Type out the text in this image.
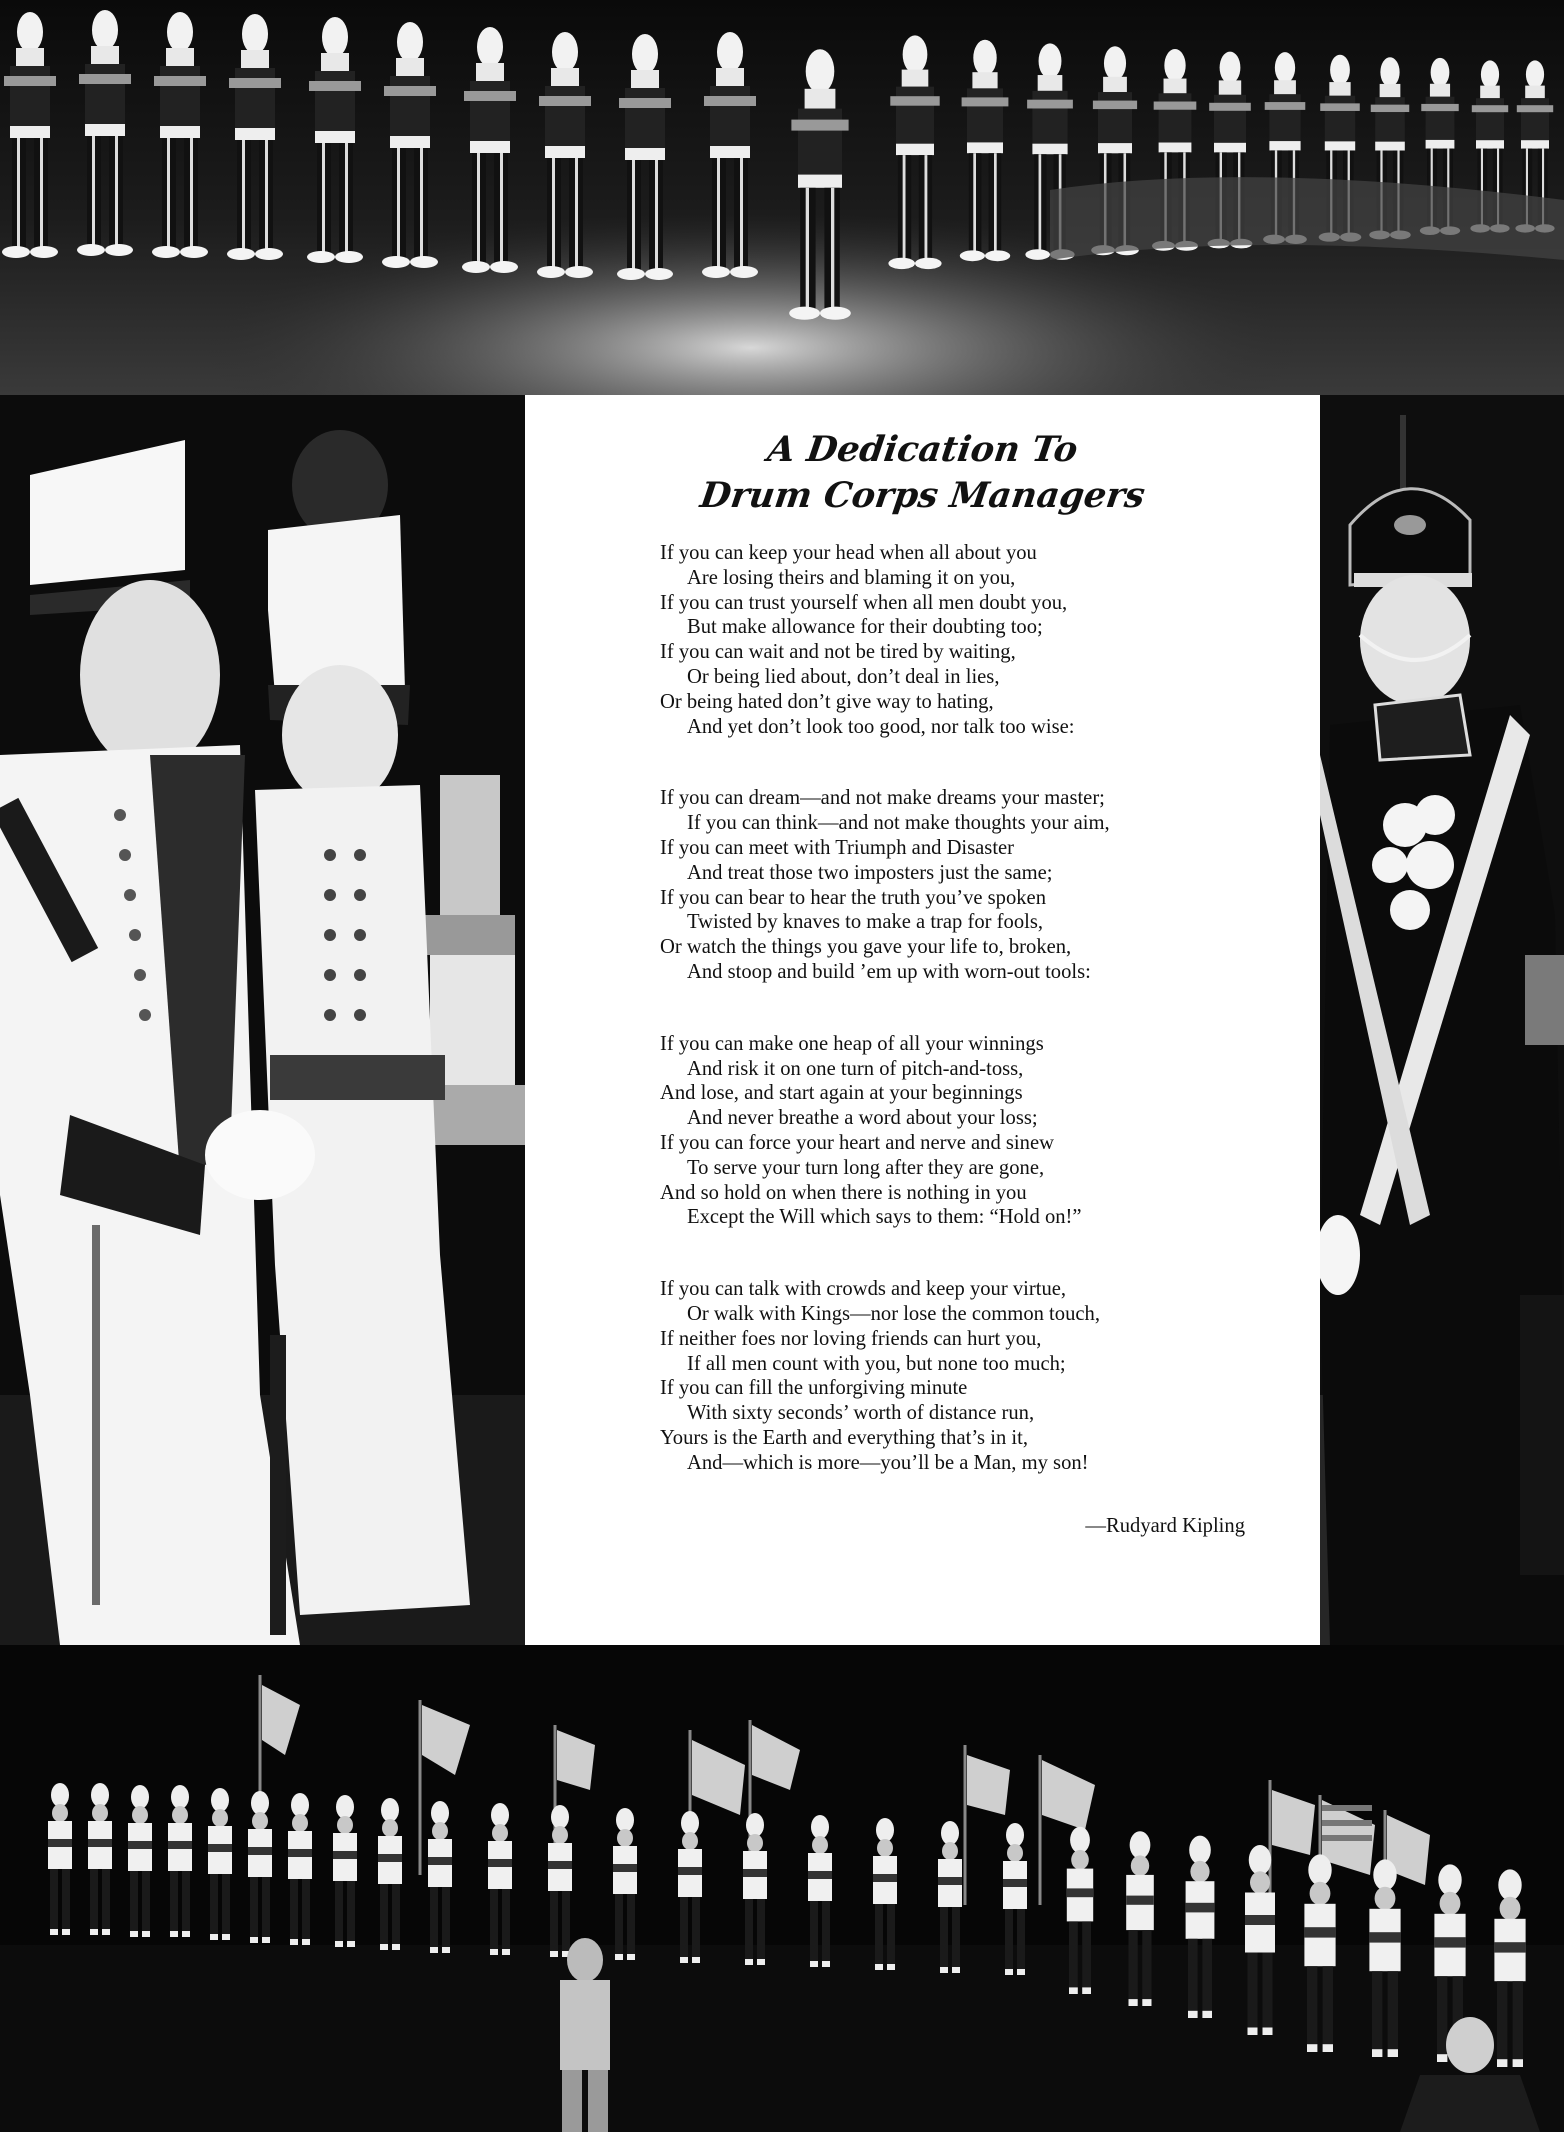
A Dedication To
Drum Corps Managers
If you can keep your head when all about you
Are losing theirs and blaming it on you,
If you can trust yourself when all men doubt you,
But make allowance for their doubting too;
If you can wait and not be tired by waiting,
Or being lied about, don’t deal in lies,
Or being hated don’t give way to hating,
And yet don’t look too good, nor talk too wise:
If you can dream—and not make dreams your master;
If you can think—and not make thoughts your aim,
If you can meet with Triumph and Disaster
And treat those two imposters just the same;
If you can bear to hear the truth you’ve spoken
Twisted by knaves to make a trap for fools,
Or watch the things you gave your life to, broken,
And stoop and build ’em up with worn-out tools:
If you can make one heap of all your winnings
And risk it on one turn of pitch-and-toss,
And lose, and start again at your beginnings
And never breathe a word about your loss;
If you can force your heart and nerve and sinew
To serve your turn long after they are gone,
And so hold on when there is nothing in you
Except the Will which says to them: “Hold on!”
If you can talk with crowds and keep your virtue,
Or walk with Kings—nor lose the common touch,
If neither foes nor loving friends can hurt you,
If all men count with you, but none too much;
If you can fill the unforgiving minute
With sixty seconds’ worth of distance run,
Yours is the Earth and everything that’s in it,
And—which is more—you’ll be a Man, my son!
—Rudyard Kipling
